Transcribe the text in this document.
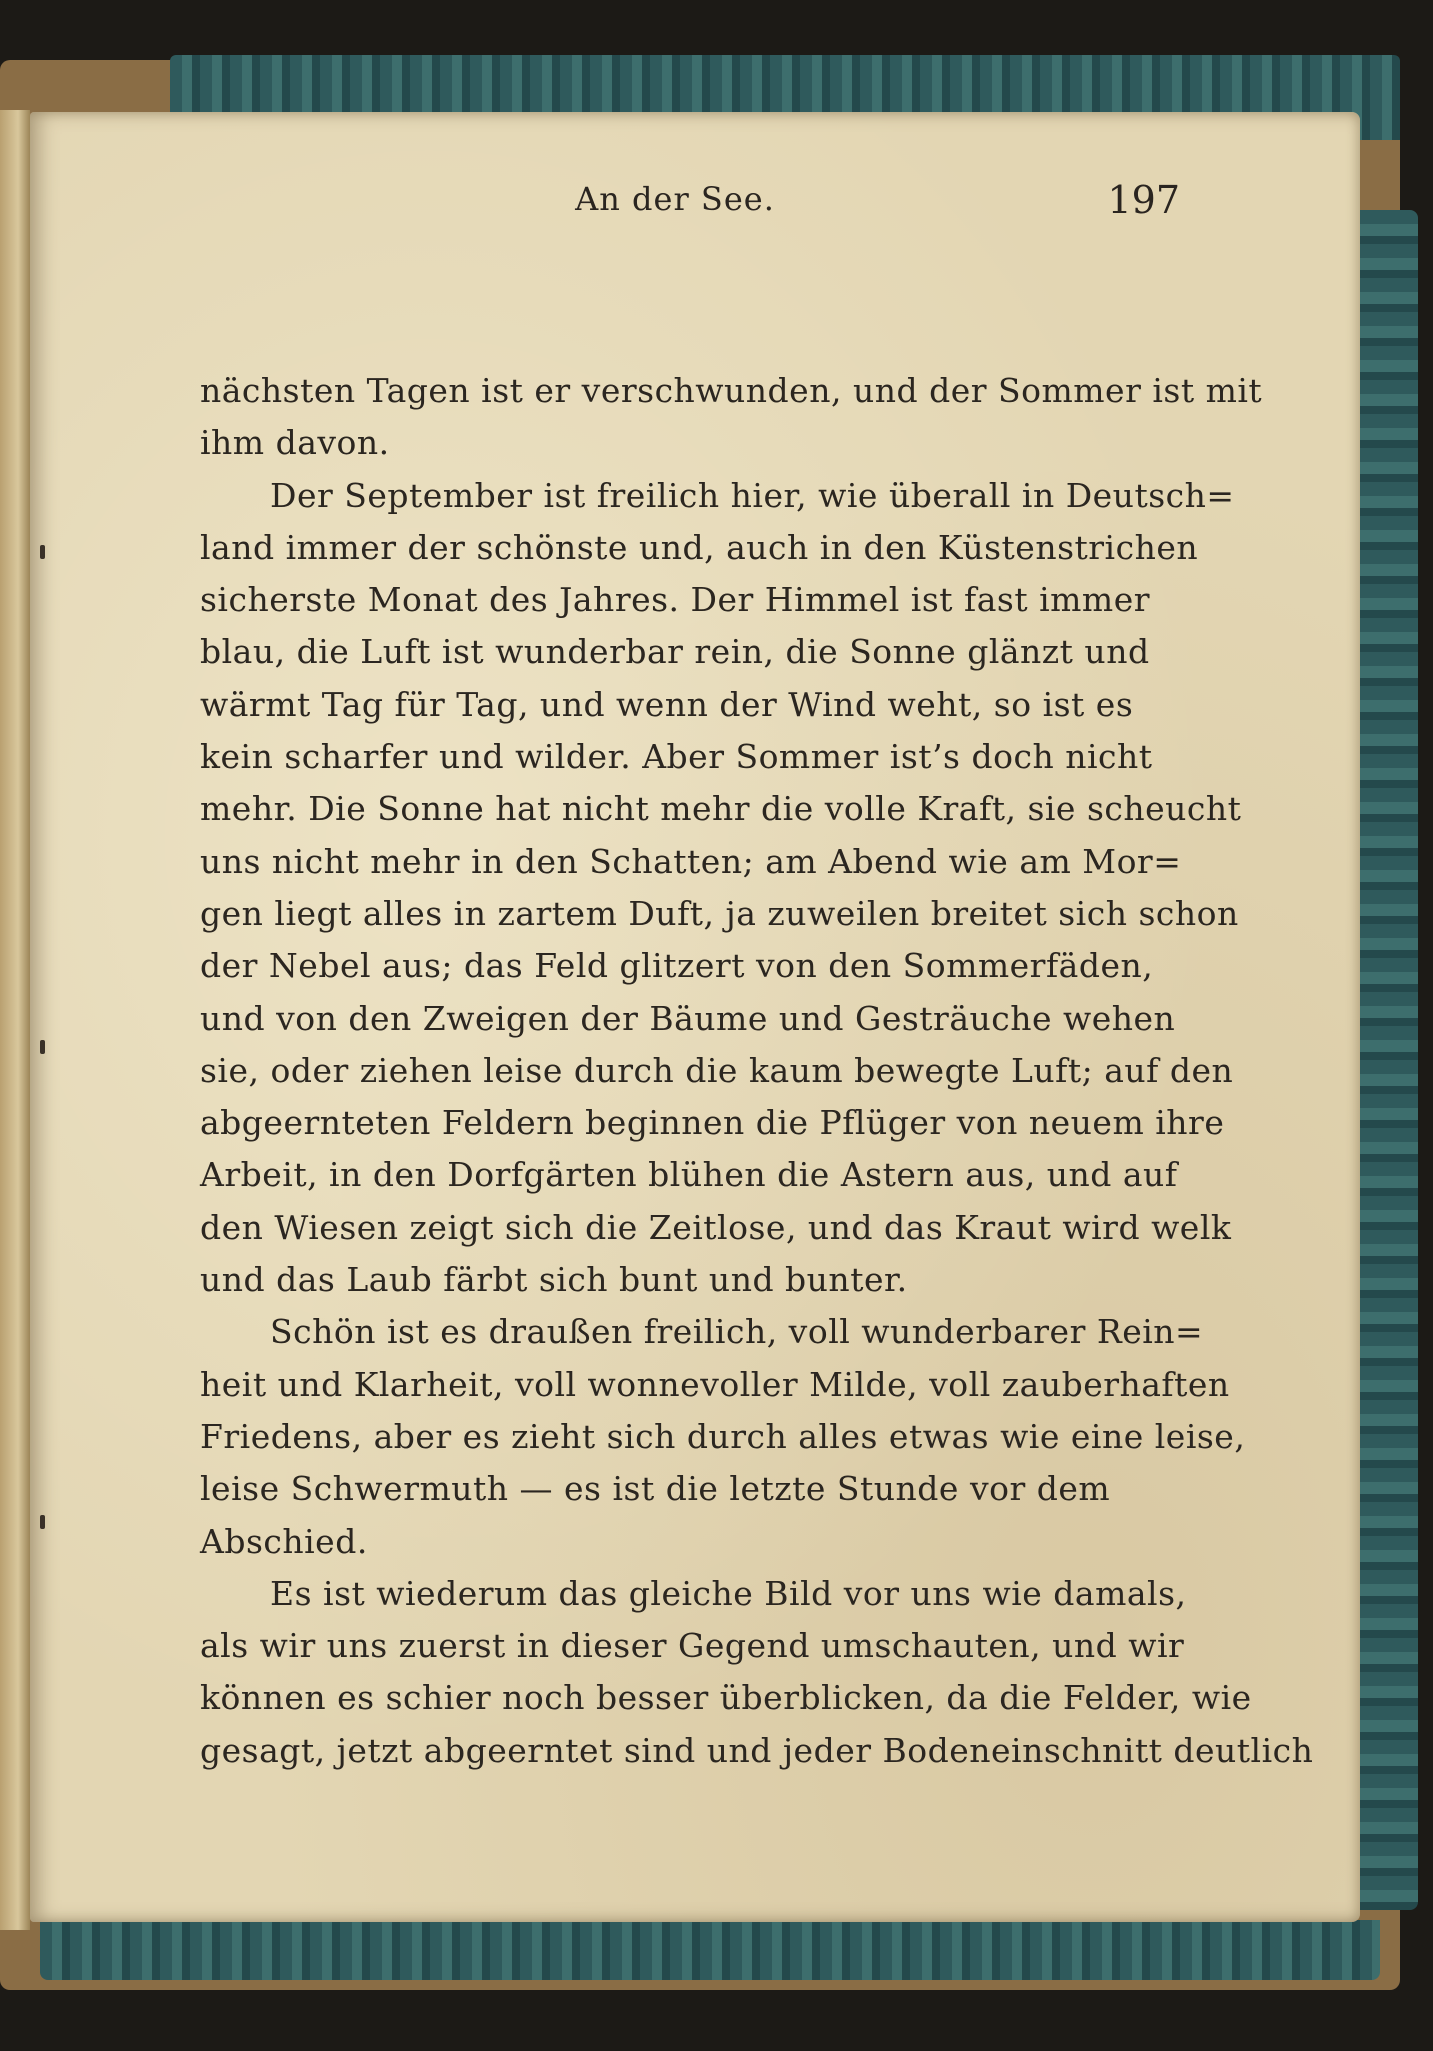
An der See.	197
nächsten Tagen ist er verschwunden, und der Sommer ist mit
ihm davon.
Der September ist freilich hier, wie überall in Deutsch=
land immer der schönste und, auch in den Küstenstrichen
sicherste Monat des Jahres. Der Himmel ist fast immer
blau, die Luft ist wunderbar rein, die Sonne glänzt und
wärmt Tag für Tag, und wenn der Wind weht, so ist es
kein scharfer und wilder. Aber Sommer ist’s doch nicht
mehr. Die Sonne hat nicht mehr die volle Kraft, sie scheucht
uns nicht mehr in den Schatten; am Abend wie am Mor=
gen liegt alles in zartem Duft, ja zuweilen breitet sich schon
der Nebel aus; das Feld glitzert von den Sommerfäden,
und von den Zweigen der Bäume und Gesträuche wehen
sie, oder ziehen leise durch die kaum bewegte Luft; auf den
abgeernteten Feldern beginnen die Pflüger von neuem ihre
Arbeit, in den Dorfgärten blühen die Astern aus, und auf
den Wiesen zeigt sich die Zeitlose, und das Kraut wird welk
und das Laub färbt sich bunt und bunter.
Schön ist es draußen freilich, voll wunderbarer Rein=
heit und Klarheit, voll wonnevoller Milde, voll zauberhaften
Friedens, aber es zieht sich durch alles etwas wie eine leise,
leise Schwermuth — es ist die letzte Stunde vor dem
Abschied.
Es ist wiederum das gleiche Bild vor uns wie damals,
als wir uns zuerst in dieser Gegend umschauten, und wir
können es schier noch besser überblicken, da die Felder, wie
gesagt, jetzt abgeerntet sind und jeder Bodeneinschnitt deutlich
